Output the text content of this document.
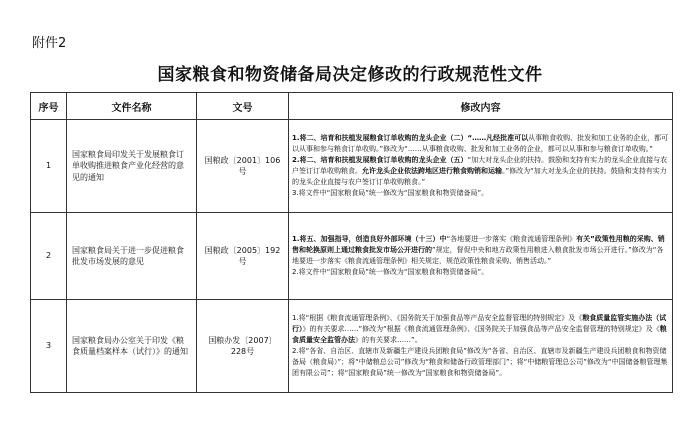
附件2
国家粮食和物资储备局决定修改的行政规范性文件
序号	文件名称	文号	修改内容
1	国家粮食局印发关于发展粮食订单收购推进粮食产业化经营的意见的通知	国粮政〔2001〕106号	1.将二、培育和扶植发展粮食订单收购的龙头企业（二）“……凡经批准可以从事粮食收购、批发和加工业务的企业，都可以从事和参与粮食订单收购。”修改为“……从事粮食收购、批发和加工业务的企业，都可以从事和参与粮食订单收购。”
2.将二、培育和扶植发展粮食订单收购的龙头企业（五）“加大对龙头企业的扶持。鼓励和支持有实力的龙头企业直接与农户签订订单收购粮食。允许龙头企业依法跨地区进行粮食购销和运输。”修改为“加大对龙头企业的扶持。鼓励和支持有实力的龙头企业直接与农户签订订单收购粮食。”
3.将文件中“国家粮食局”统一修改为“国家粮食和物资储备局”。

2	国家粮食局关于进一步促进粮食批发市场发展的意见	国粮政〔2005〕192号	1.将五、加强指导，创造良好外部环境（十三）中“各地要进一步落实《粮食流通管理条例》有关”政策性用粮的采购、销售和轮换原则上通过粮食批发市场公开进行的”规定，督促中央和地方政策性用粮进入粮食批发市场公开进行。”修改为“各地要进一步落实《粮食流通管理条例》相关规定，规范政策性粮食采购、销售活动。”
2.将文件中“国家粮食局”统一修改为“国家粮食和物资储备局”。

3	国家粮食局办公室关于印发《粮食质量档案样本（试行）》的通知	国粮办发〔2007〕228号	1.将“根据《粮食流通管理条例》、《国务院关于加强食品等产品安全监督管理的特别规定》及《粮食质量监管实施办法（试行）》的有关要求……”修改为“根据《粮食流通管理条例》、《国务院关于加强食品等产品安全监督管理的特别规定》及《粮食质量安全监管办法》的有关要求……”。
2.将“各省、自治区、直辖市及新疆生产建设兵团粮食局”修改为“各省、自治区、直辖市及新疆生产建设兵团粮食和物资储备局（粮食局）”；将“中储粮总公司”修改为“粮食和储备行政管理部门”；将“中储粮管理总公司”修改为“中国储备粮管理集团有限公司”；将“国家粮食局”统一修改为“国家粮食和物资储备局”。
